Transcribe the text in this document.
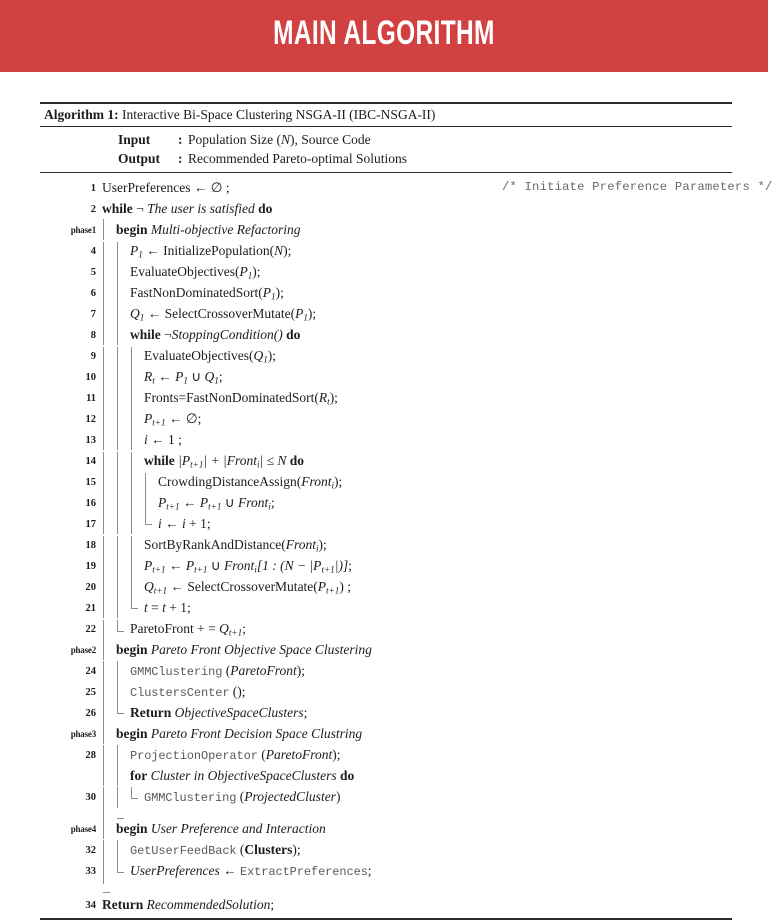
MAIN ALGORITHM
Algorithm 1: Interactive Bi-Space Clustering NSGA-II (IBC-NSGA-II)
Input	: Population Size (N), Source Code
Output	: Recommended Pareto-optimal Solutions
1 UserPreferences ← ∅ ;	/* Initiate Preference Parameters */
2 while ¬ The user is satisfied do
phase1	begin Multi-objective Refactoring
4	$P_1$ ← InitializePopulation(N);
5	$EvaluateObjectives(P_1)$;
6	$FastNonDominatedSort(P_1)$;
7	$Q_1$ ← $SelectCrossoverMutate(P_1)$;
8	while ¬StoppingCondition() do
9	$EvaluateObjectives(Q_1)$;
10	$R_t$ ← $P_1$ ∪ $Q_1$;
11	$Fronts=FastNonDominatedSort(R_t)$;
12	$P_{t+1}$ ← ∅;
13	i ← 1 ;
14	while $|P_{t+1}|$ + |Front$_i$| ≤ N do
15	CrowdingDistanceAssign(Front$_i$);
16	$P_{t+1}$ ← $P_{t+1}$ ∪ Front$_i$;
17	i ← i + 1;
18	SortByRankAndDistance(Front$_i$);
19	$P_{t+1}$ ← $P_{t+1}$ ∪ Front$_i$[1 : $(N - |P_{t+1}|)$];
20	$Q_{t+1}$ ← $SelectCrossoverMutate(P_{t+1})$ ;
21	t = t + 1;
22	ParetoFront + = $Q_{t+1}$;
phase2	begin Pareto Front Objective Space Clustering
24	GMMClustering (ParetoFront);
25	ClustersCenter ();
26	Return ObjectiveSpaceClusters;
phase3	begin Pareto Front Decision Space Clustring
28	ProjectionOperator (ParetoFront);
for Cluster in ObjectiveSpaceClusters do
30	GMMClustering (ProjectedCluster)
phase4	begin User Preference and Interaction
32	GetUserFeedBack (Clusters);
33	UserPreferences ← ExtractPreferences;
34 Return RecommendedSolution;
